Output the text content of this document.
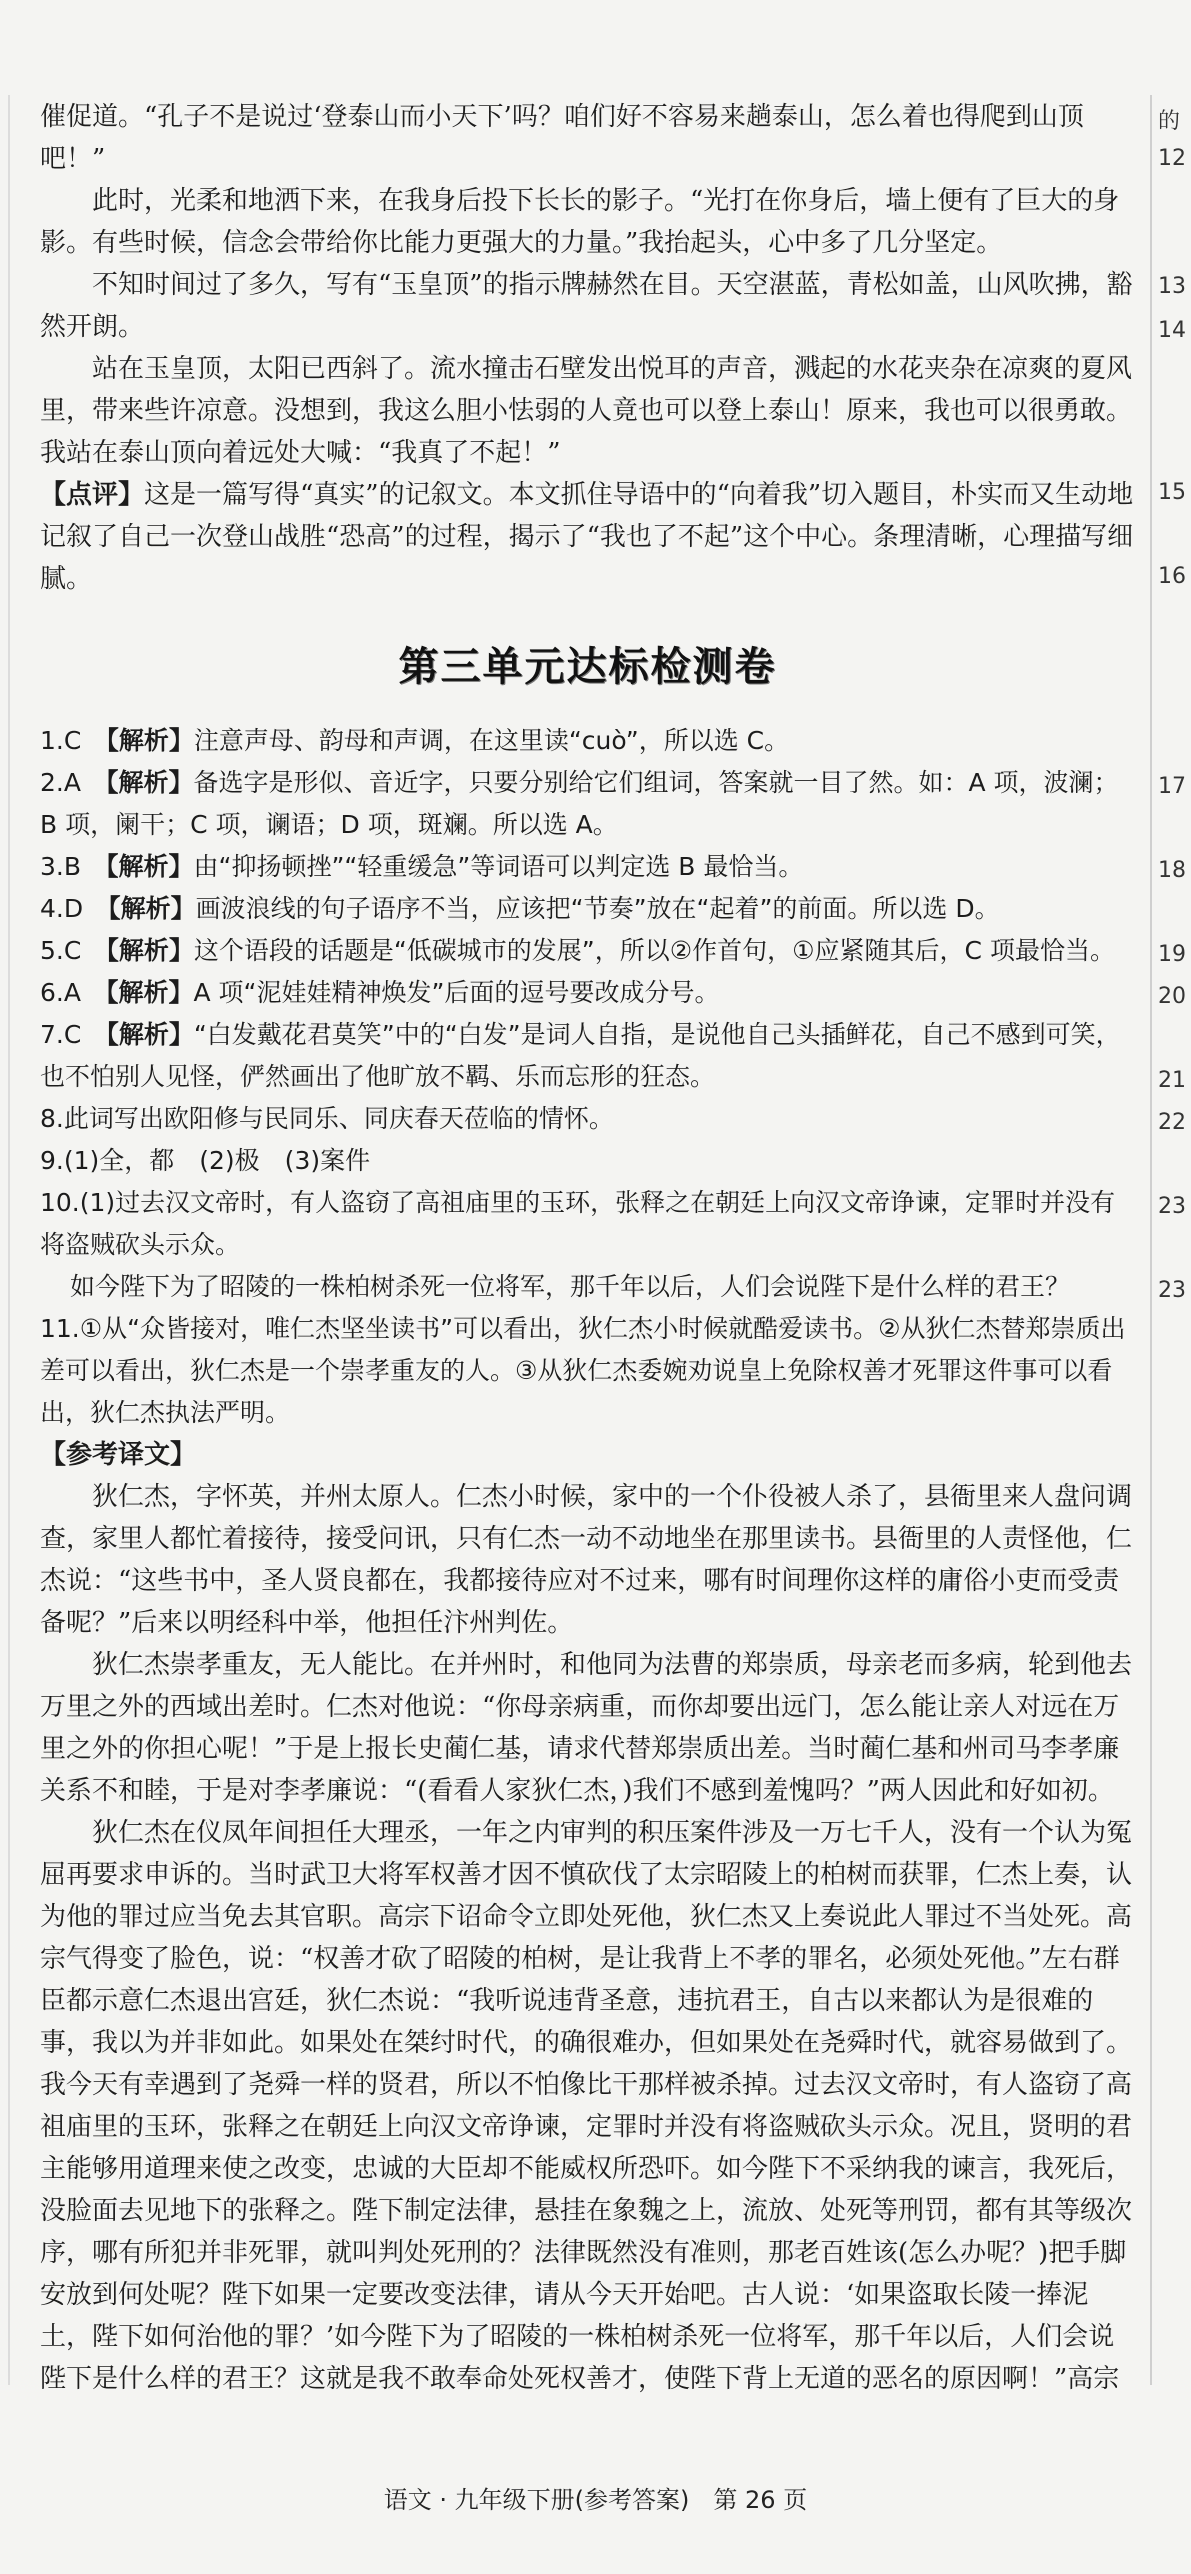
催促道。“孔子不是说过‘登泰山而小天下’吗？咱们好不容易来趟泰山，怎么着也得爬到山顶吧！”

此时，光柔和地洒下来，在我身后投下长长的影子。“光打在你身后，墙上便有了巨大的身影。有些时候，信念会带给你比能力更强大的力量。”我抬起头，心中多了几分坚定。

不知时间过了多久，写有“玉皇顶”的指示牌赫然在目。天空湛蓝，青松如盖，山风吹拂，豁然开朗。

站在玉皇顶，太阳已西斜了。流水撞击石壁发出悦耳的声音，溅起的水花夹杂在凉爽的夏风里，带来些许凉意。没想到，我这么胆小怯弱的人竟也可以登上泰山！原来，我也可以很勇敢。我站在泰山顶向着远处大喊：“我真了不起！”

【点评】这是一篇写得“真实”的记叙文。本文抓住导语中的“向着我”切入题目，朴实而又生动地记叙了自己一次登山战胜“恐高”的过程，揭示了“我也了不起”这个中心。条理清晰，心理描写细腻。

第三单元达标检测卷

1.C  【解析】注意声母、韵母和声调，在这里读“cuò”，所以选 C。

2.A  【解析】备选字是形似、音近字，只要分别给它们组词，答案就一目了然。如：A 项，波澜；B 项，阑干；C 项，谰语；D 项，斑斓。所以选 A。

3.B  【解析】由“抑扬顿挫”“轻重缓急”等词语可以判定选 B 最恰当。

4.D  【解析】画波浪线的句子语序不当，应该把“节奏”放在“起着”的前面。所以选 D。

5.C  【解析】这个语段的话题是“低碳城市的发展”，所以②作首句，①应紧随其后，C 项最恰当。

6.A  【解析】A 项“泥娃娃精神焕发”后面的逗号要改成分号。

7.C  【解析】“白发戴花君莫笑”中的“白发”是词人自指，是说他自己头插鲜花，自己不感到可笑，也不怕别人见怪，俨然画出了他旷放不羁、乐而忘形的狂态。

8.此词写出欧阳修与民同乐、同庆春天莅临的情怀。

9.(1)全，都　(2)极　(3)案件

10.(1)过去汉文帝时，有人盗窃了高祖庙里的玉环，张释之在朝廷上向汉文帝诤谏，定罪时并没有将盗贼砍头示众。

如今陛下为了昭陵的一株柏树杀死一位将军，那千年以后，人们会说陛下是什么样的君王？

11.①从“众皆接对，唯仁杰坚坐读书”可以看出，狄仁杰小时候就酷爱读书。②从狄仁杰替郑崇质出差可以看出，狄仁杰是一个崇孝重友的人。③从狄仁杰委婉劝说皇上免除权善才死罪这件事可以看出，狄仁杰执法严明。

【参考译文】

狄仁杰，字怀英，并州太原人。仁杰小时候，家中的一个仆役被人杀了，县衙里来人盘问调查，家里人都忙着接待，接受问讯，只有仁杰一动不动地坐在那里读书。县衙里的人责怪他，仁杰说：“这些书中，圣人贤良都在，我都接待应对不过来，哪有时间理你这样的庸俗小吏而受责备呢？”后来以明经科中举，他担任汴州判佐。

狄仁杰崇孝重友，无人能比。在并州时，和他同为法曹的郑崇质，母亲老而多病，轮到他去万里之外的西域出差时。仁杰对他说：“你母亲病重，而你却要出远门，怎么能让亲人对远在万里之外的你担心呢！”于是上报长史蔺仁基，请求代替郑崇质出差。当时蔺仁基和州司马李孝廉关系不和睦，于是对李孝廉说：“(看看人家狄仁杰，)我们不感到羞愧吗？”两人因此和好如初。

狄仁杰在仪凤年间担任大理丞，一年之内审判的积压案件涉及一万七千人，没有一个认为冤屈再要求申诉的。当时武卫大将军权善才因不慎砍伐了太宗昭陵上的柏树而获罪，仁杰上奏，认为他的罪过应当免去其官职。高宗下诏命令立即处死他，狄仁杰又上奏说此人罪过不当处死。高宗气得变了脸色，说：“权善才砍了昭陵的柏树，是让我背上不孝的罪名，必须处死他。”左右群臣都示意仁杰退出宫廷，狄仁杰说：“我听说违背圣意，违抗君王，自古以来都认为是很难的事，我以为并非如此。如果处在桀纣时代，的确很难办，但如果处在尧舜时代，就容易做到了。我今天有幸遇到了尧舜一样的贤君，所以不怕像比干那样被杀掉。过去汉文帝时，有人盗窃了高祖庙里的玉环，张释之在朝廷上向汉文帝诤谏，定罪时并没有将盗贼砍头示众。况且，贤明的君主能够用道理来使之改变，忠诚的大臣却不能威权所恐吓。如今陛下不采纳我的谏言，我死后，没脸面去见地下的张释之。陛下制定法律，悬挂在象魏之上，流放、处死等刑罚，都有其等级次序，哪有所犯并非死罪，就叫判处死刑的？法律既然没有准则，那老百姓该(怎么办呢？)把手脚安放到何处呢？陛下如果一定要改变法律，请从今天开始吧。古人说：‘如果盗取长陵一捧泥土，陛下如何治他的罪？’如今陛下为了昭陵的一株柏树杀死一位将军，那千年以后，人们会说陛下是什么样的君王？这就是我不敢奉命处死权善才，使陛下背上无道的恶名的原因啊！”高宗

的
12
13
14
15
16
17
18
19
20
21
22
23
23
语文 · 九年级下册(参考答案)  第 26 页
